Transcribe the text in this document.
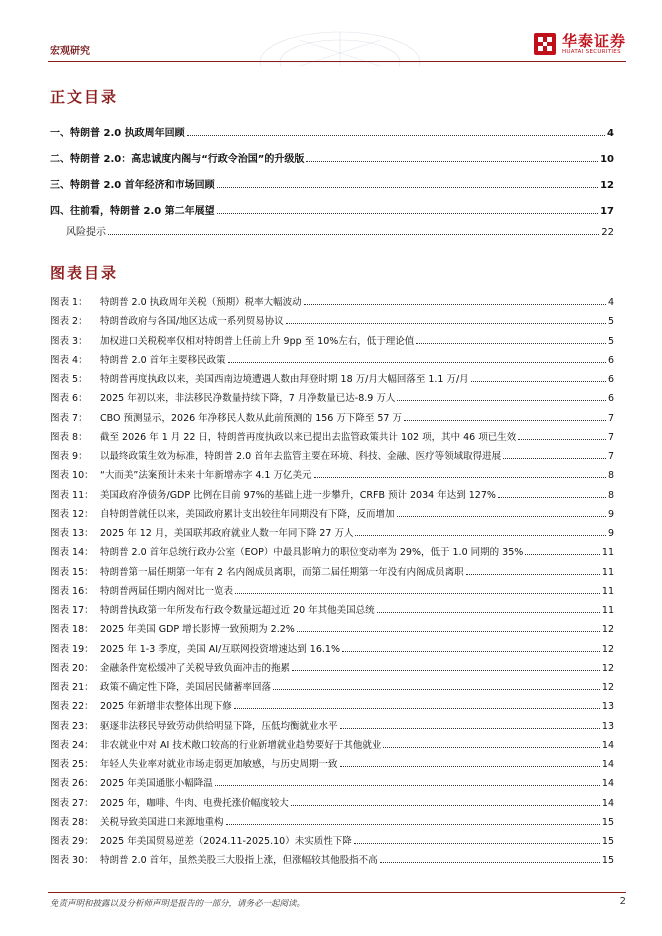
宏观研究
华泰证券
HUATAI SECURITIES
正文目录
一、特朗普 2.0 执政周年回顾	4
二、特朗普 2.0：高忠诚度内阁与“行政令治国”的升级版	10
三、特朗普 2.0 首年经济和市场回顾	12
四、往前看，特朗普 2.0 第二年展望	17
风险提示	22
图表目录
图表 1：	特朗普 2.0 执政周年关税（预期）税率大幅波动	4
图表 2：	特朗普政府与各国/地区达成一系列贸易协议	5
图表 3：	加权进口关税税率仅相对特朗普上任前上升 9pp 至 10%左右，低于理论值	5
图表 4：	特朗普 2.0 首年主要移民政策	6
图表 5：	特朗普再度执政以来，美国西南边境遭遇人数由拜登时期 18 万/月大幅回落至 1.1 万/月	6
图表 6：	2025 年初以来，非法移民净数量持续下降，7 月净数量已达-8.9 万人	6
图表 7：	CBO 预测显示，2026 年净移民人数从此前预测的 156 万下降至 57 万	7
图表 8：	截至 2026 年 1 月 22 日，特朗普再度执政以来已提出去监管政策共计 102 项，其中 46 项已生效	7
图表 9：	以最终政策生效为标准，特朗普 2.0 首年去监管主要在环境、科技、金融、医疗等领域取得进展	7
图表 10： “大而美”法案预计未来十年新增赤字 4.1 万亿美元	8
图表 11： 美国政府净债务/GDP 比例在目前 97%的基础上进一步攀升，CRFB 预计 2034 年达到 127%	8
图表 12： 自特朗普就任以来，美国政府累计支出较往年同期没有下降，反而增加	9
图表 13： 2025 年 12 月，美国联邦政府就业人数一年同下降 27 万人	9
图表 14： 特朗普 2.0 首年总统行政办公室（EOP）中最具影响力的职位变动率为 29%，低于 1.0 同期的 35%	11
图表 15： 特朗普第一届任期第一年有 2 名内阁成员离职，而第二届任期第一年没有内阁成员离职	11
图表 16： 特朗普两届任期内阁对比一览表	11
图表 17： 特朗普执政第一年所发布行政令数量远超过近 20 年其他美国总统	11
图表 18： 2025 年美国 GDP 增长影博一致预期为 2.2%	12
图表 19： 2025 年 1-3 季度，美国 AI/互联网投资增速达到 16.1%	12
图表 20： 金融条件宽松缓冲了关税导致负面冲击的拖累	12
图表 21： 政策不确定性下降，美国居民储蓄率回落	12
图表 22： 2025 年新增非农整体出现下修	13
图表 23： 驱逐非法移民导致劳动供给明显下降，压低均衡就业水平	13
图表 24： 非农就业中对 AI 技术敞口较高的行业新增就业趋势要好于其他就业	14
图表 25： 年轻人失业率对就业市场走弱更加敏感，与历史周期一致	14
图表 26： 2025 年美国通胀小幅降温	14
图表 27： 2025 年，咖啡、牛肉、电费托涨价幅度较大	14
图表 28： 关税导致美国进口来源地重构	15
图表 29： 2025 年美国贸易逆差（2024.11-2025.10）未实质性下降	15
图表 30： 特朗普 2.0 首年，虽然美股三大股指上涨，但涨幅较其他股指不高	15
免责声明和披露以及分析师声明是报告的一部分，请务必一起阅读。	2
